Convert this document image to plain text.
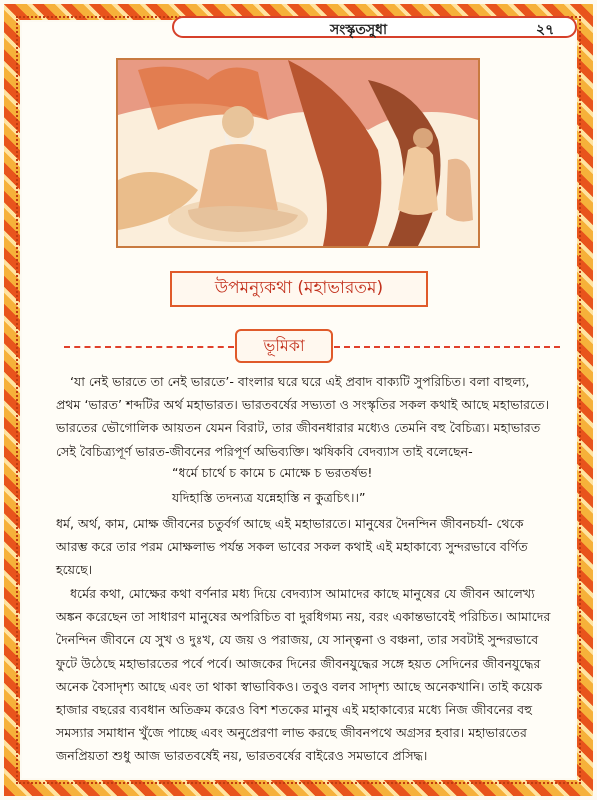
সংস্কৃতসুধা	২৭
উপমন্যুকথা (মহাভারতম)
ভূমিকা
‘যা নেই ভারতে তা নেই ভারতে’- বাংলার ঘরে ঘরে এই প্রবাদ বাক্যটি সুপরিচিত। বলা বাহুল্য,
প্রথম ‘ভারত’ শব্দটির অর্থ মহাভারত। ভারতবর্ষের সভ্যতা ও সংস্কৃতির সকল কথাই আছে মহাভারতে।
ভারতের ভৌগোলিক আয়তন যেমন বিরাট, তার জীবনধারার মধ্যেও তেমনি বহু বৈচিত্র্য। মহাভারত
সেই বৈচিত্র্যপূর্ণ ভারত-জীবনের পরিপূর্ণ অভিব্যক্তি। ঋষিকবি বেদব্যাস তাই বলেছেন-
“ধর্মে চার্থে চ কামে চ মোক্ষে চ ভরতর্ষভ!
যদিহাস্তি তদন্যত্র যন্নেহাস্তি ন কুত্রচিৎ।।”
ধর্ম, অর্থ, কাম, মোক্ষ জীবনের চতুর্বর্গ আছে এই মহাভারতে। মানুষের দৈনন্দিন জীবনচর্যা- থেকে
আরম্ভ করে তার পরম মোক্ষলাভ পর্যন্ত সকল ভাবের সকল কথাই এই মহাকাব্যে সুন্দরভাবে বর্ণিত
হয়েছে।
ধর্মের কথা, মোক্ষের কথা বর্ণনার মধ্য দিয়ে বেদব্যাস আমাদের কাছে মানুষের যে জীবন আলেখ্য
অঙ্কন করেছেন তা সাধারণ মানুষের অপরিচিত বা দুরধিগম্য নয়, বরং একান্তভাবেই পরিচিত। আমাদের
দৈনন্দিন জীবনে যে সুখ ও দুঃখ, যে জয় ও পরাজয়, যে সান্ত্বনা ও বঞ্চনা, তার সবটাই সুন্দরভাবে
ফুটে উঠেছে মহাভারতের পর্বে পর্বে। আজকের দিনের জীবনযুদ্ধের সঙ্গে হয়ত সেদিনের জীবনযুদ্ধের
অনেক বৈসাদৃশ্য আছে এবং তা থাকা স্বাভাবিকও। তবুও বলব সাদৃশ্য আছে অনেকখানি। তাই কয়েক
হাজার বছরের ব্যবধান অতিক্রম করেও বিশ শতকের মানুষ এই মহাকাব্যের মধ্যে নিজ জীবনের বহু
সমস্যার সমাধান খুঁজে পাচ্ছে এবং অনুপ্রেরণা লাভ করছে জীবনপথে অগ্রসর হবার। মহাভারতের
জনপ্রিয়তা শুধু আজ ভারতবর্ষেই নয়, ভারতবর্ষের বাইরেও সমভাবে প্রসিদ্ধ।
